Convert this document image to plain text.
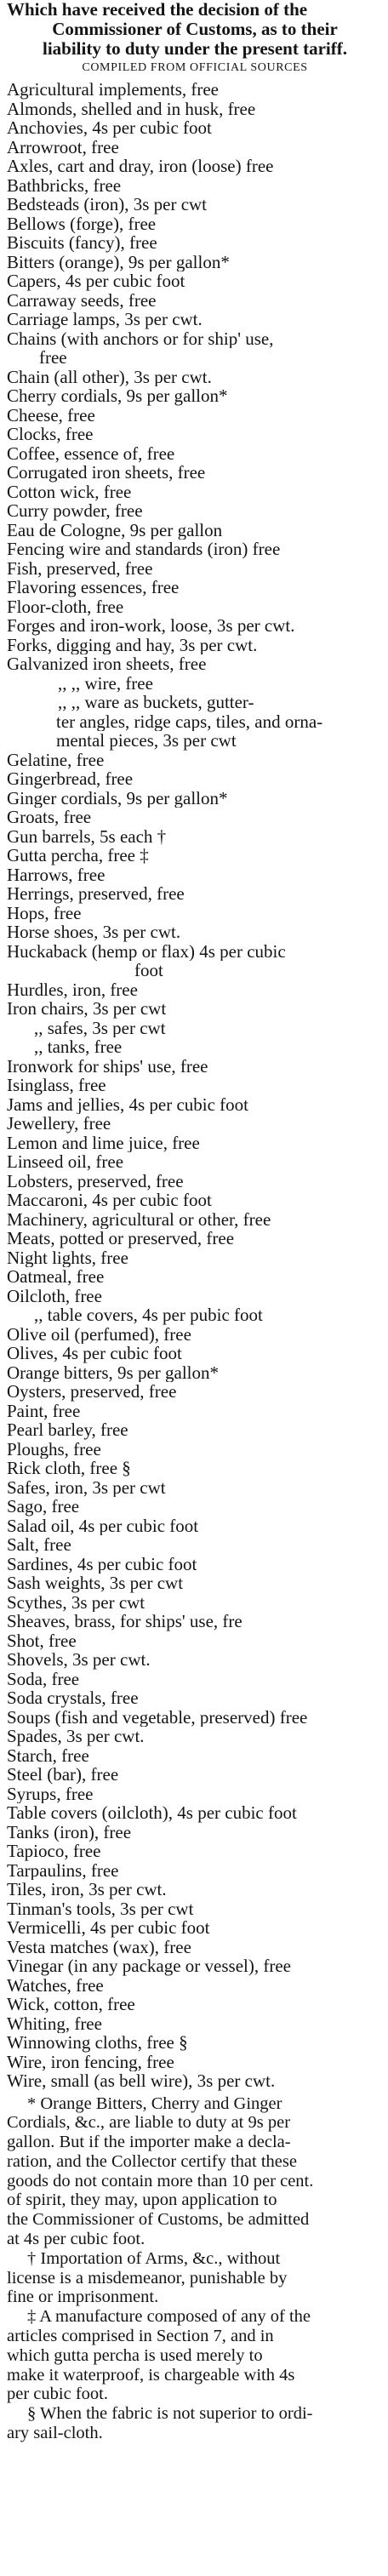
Which have received the decision of the
Commissioner of Customs, as to their
liability to duty under the present tariff.
COMPILED FROM OFFICIAL SOURCES
Agricultural implements, free
Almonds, shelled and in husk, free
Anchovies, 4s per cubic foot
Arrowroot, free
Axles, cart and dray, iron (loose) free
Bathbricks, free
Bedsteads (iron), 3s per cwt
Bellows (forge), free
Biscuits (fancy), free
Bitters (orange), 9s per gallon*
Capers, 4s per cubic foot
Carraway seeds, free
Carriage lamps, 3s per cwt.
Chains (with anchors or for ship' use,
free
Chain (all other), 3s per cwt.
Cherry cordials, 9s per gallon*
Cheese, free
Clocks, free
Coffee, essence of, free
Corrugated iron sheets, free
Cotton wick, free
Curry powder, free
Eau de Cologne, 9s per gallon
Fencing wire and standards (iron) free
Fish, preserved, free
Flavoring essences, free
Floor-cloth, free
Forges and iron-work, loose, 3s per cwt.
Forks, digging and hay, 3s per cwt.
Galvanized iron sheets, free
,, ,, wire, free
,, ,, ware as buckets, gutter-
ter angles, ridge caps, tiles, and orna-
mental pieces, 3s per cwt
Gelatine, free
Gingerbread, free
Ginger cordials, 9s per gallon*
Groats, free
Gun barrels, 5s each †
Gutta percha, free ‡
Harrows, free
Herrings, preserved, free
Hops, free
Horse shoes, 3s per cwt.
Huckaback (hemp or flax) 4s per cubic
foot
Hurdles, iron, free
Iron chairs, 3s per cwt
,, safes, 3s per cwt
,, tanks, free
Ironwork for ships' use, free
Isinglass, free
Jams and jellies, 4s per cubic foot
Jewellery, free
Lemon and lime juice, free
Linseed oil, free
Lobsters, preserved, free
Maccaroni, 4s per cubic foot
Machinery, agricultural or other, free
Meats, potted or preserved, free
Night lights, free
Oatmeal, free
Oilcloth, free
,, table covers, 4s per pubic foot
Olive oil (perfumed), free
Olives, 4s per cubic foot
Orange bitters, 9s per gallon*
Oysters, preserved, free
Paint, free
Pearl barley, free
Ploughs, free
Rick cloth, free §
Safes, iron, 3s per cwt
Sago, free
Salad oil, 4s per cubic foot
Salt, free
Sardines, 4s per cubic foot
Sash weights, 3s per cwt
Scythes, 3s per cwt
Sheaves, brass, for ships' use, fre
Shot, free
Shovels, 3s per cwt.
Soda, free
Soda crystals, free
Soups (fish and vegetable, preserved) free
Spades, 3s per cwt.
Starch, free
Steel (bar), free
Syrups, free
Table covers (oilcloth), 4s per cubic foot
Tanks (iron), free
Tapioco, free
Tarpaulins, free
Tiles, iron, 3s per cwt.
Tinman's tools, 3s per cwt
Vermicelli, 4s per cubic foot
Vesta matches (wax), free
Vinegar (in any package or vessel), free
Watches, free
Wick, cotton, free
Whiting, free
Winnowing cloths, free §
Wire, iron fencing, free
Wire, small (as bell wire), 3s per cwt.
* Orange Bitters, Cherry and Ginger
Cordials, &c., are liable to duty at 9s per
gallon. But if the importer make a decla-
ration, and the Collector certify that these
goods do not contain more than 10 per cent.
of spirit, they may, upon application to
the Commissioner of Customs, be admitted
at 4s per cubic foot.
† Importation of Arms, &c., without
license is a misdemeanor, punishable by
fine or imprisonment.
‡ A manufacture composed of any of the
articles comprised in Section 7, and in
which gutta percha is used merely to
make it waterproof, is chargeable with 4s
per cubic foot.
§ When the fabric is not superior to ordi-
ary sail-cloth.
